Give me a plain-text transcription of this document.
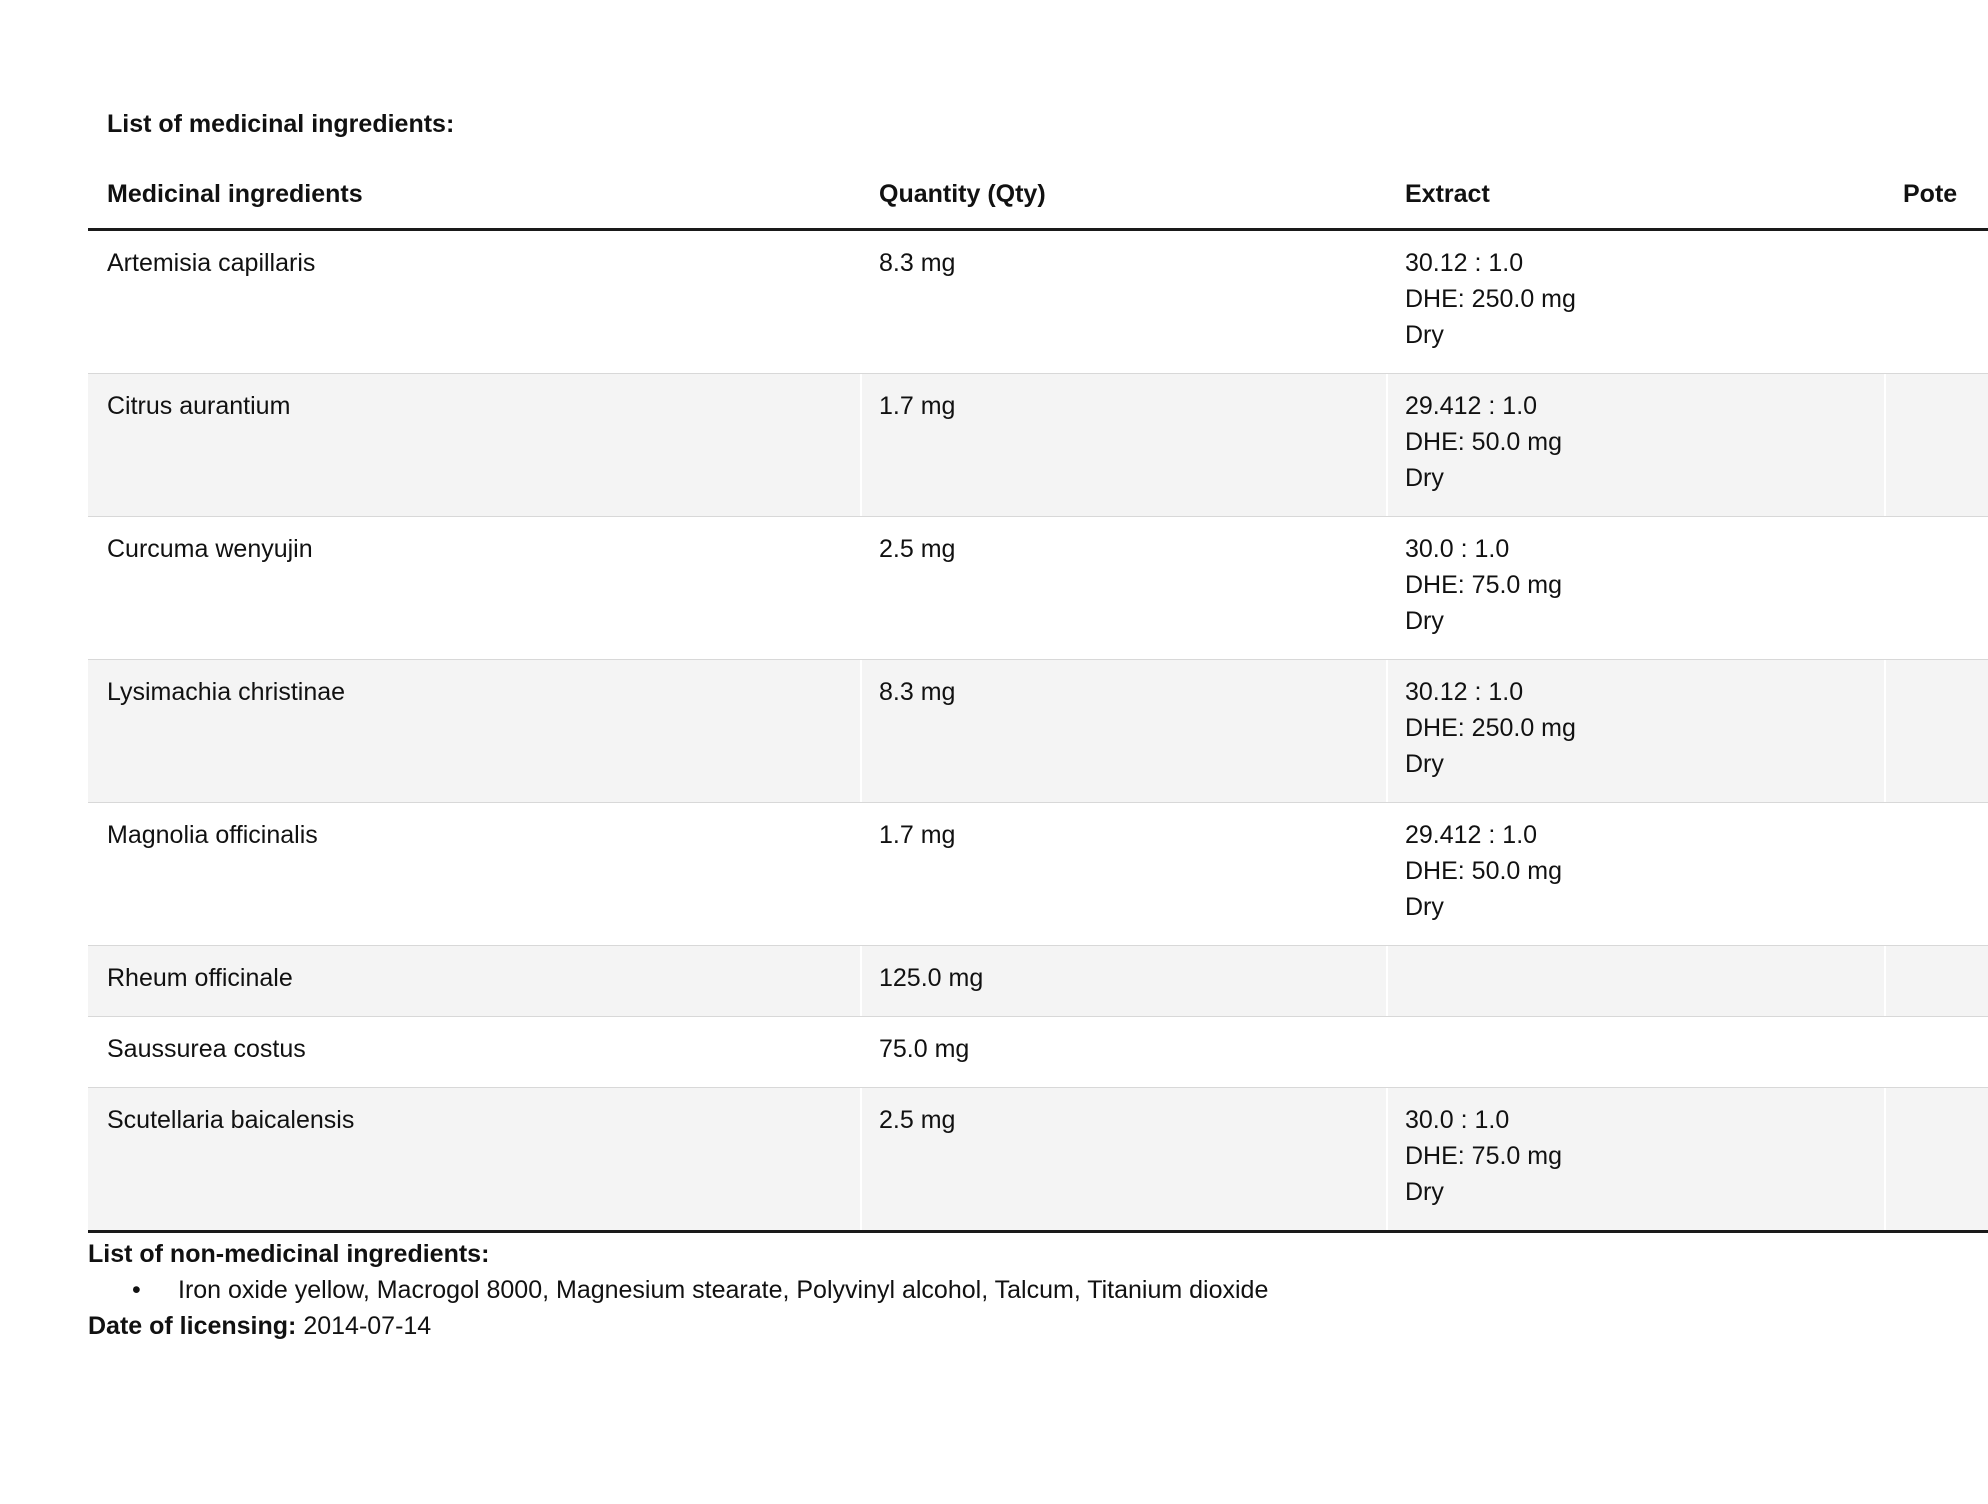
List of medicinal ingredients:
Medicinal ingredients	Quantity (Qty)	Extract	Pote
Artemisia capillaris	8.3 mg	30.12 : 1.0
DHE: 250.0 mg
Dry
Citrus aurantium	1.7 mg	29.412 : 1.0
DHE: 50.0 mg
Dry
Curcuma wenyujin	2.5 mg	30.0 : 1.0
DHE: 75.0 mg
Dry
Lysimachia christinae	8.3 mg	30.12 : 1.0
DHE: 250.0 mg
Dry
Magnolia officinalis	1.7 mg	29.412 : 1.0
DHE: 50.0 mg
Dry
Rheum officinale	125.0 mg
Saussurea costus	75.0 mg
Scutellaria baicalensis	2.5 mg	30.0 : 1.0
DHE: 75.0 mg
Dry
List of non-medicinal ingredients:
• Iron oxide yellow, Macrogol 8000, Magnesium stearate, Polyvinyl alcohol, Talcum, Titanium dioxide
Date of licensing: 2014-07-14
